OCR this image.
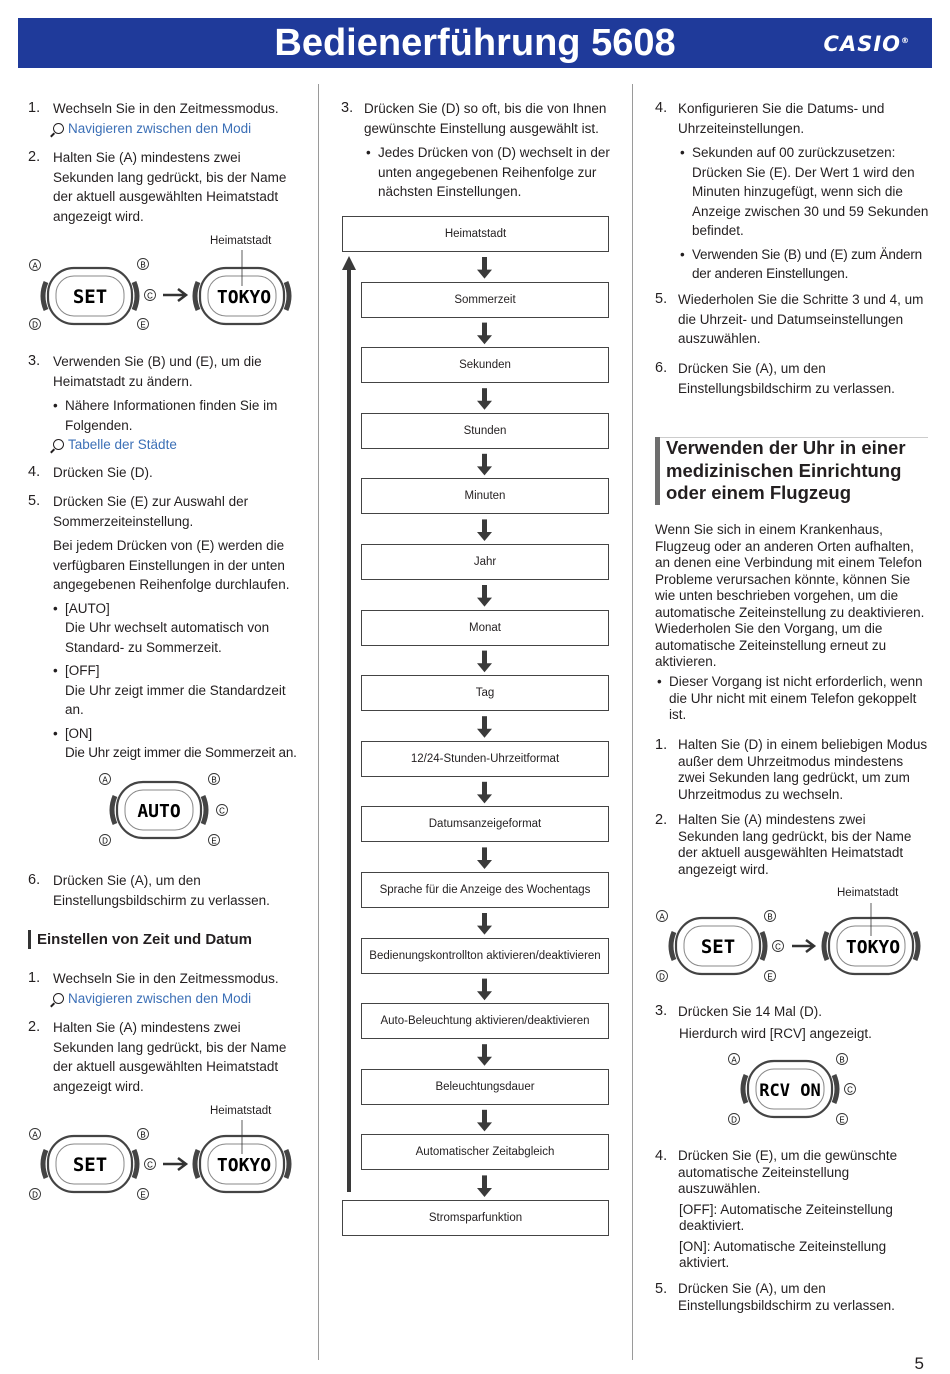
Bedienerführung 5608	CASIO®
1. Wechseln Sie in den Zeitmessmodus.
Navigieren zwischen den Modi
2. Halten Sie (A) mindestens zwei Sekunden lang gedrückt, bis der Name der aktuell ausgewählten Heimatstadt angezeigt wird.
Heimatstadt
SET	TOKYO
3. Verwenden Sie (B) und (E), um die Heimatstadt zu ändern.
• Nähere Informationen finden Sie im Folgenden.
Tabelle der Städte
4. Drücken Sie (D).
5. Drücken Sie (E) zur Auswahl der Sommerzeiteinstellung.
Bei jedem Drücken von (E) werden die verfügbaren Einstellungen in der unten angegebenen Reihenfolge durchlaufen.
• [AUTO]
Die Uhr wechselt automatisch von Standard- zu Sommerzeit.
• [OFF]
Die Uhr zeigt immer die Standardzeit an.
• [ON]
Die Uhr zeigt immer die Sommerzeit an.
AUTO
6. Drücken Sie (A), um den Einstellungsbildschirm zu verlassen.
Einstellen von Zeit und Datum
1. Wechseln Sie in den Zeitmessmodus.
Navigieren zwischen den Modi
2. Halten Sie (A) mindestens zwei Sekunden lang gedrückt, bis der Name der aktuell ausgewählten Heimatstadt angezeigt wird.
Heimatstadt
SET	TOKYO
3. Drücken Sie (D) so oft, bis die von Ihnen gewünschte Einstellung ausgewählt ist.
• Jedes Drücken von (D) wechselt in der unten angegebenen Reihenfolge zur nächsten Einstellungen.
Heimatstadt
Sommerzeit
Sekunden
Stunden
Minuten
Jahr
Monat
Tag
12/24-Stunden-Uhrzeitformat
Datumsanzeigeformat
Sprache für die Anzeige des Wochentags
Bedienungskontrollton aktivieren/deaktivieren
Auto-Beleuchtung aktivieren/deaktivieren
Beleuchtungsdauer
Automatischer Zeitabgleich
Stromsparfunktion
4. Konfigurieren Sie die Datums- und Uhrzeiteinstellungen.
• Sekunden auf 00 zurückzusetzen: Drücken Sie (E). Der Wert 1 wird den Minuten hinzugefügt, wenn sich die Anzeige zwischen 30 und 59 Sekunden befindet.
• Verwenden Sie (B) und (E) zum Ändern der anderen Einstellungen.
5. Wiederholen Sie die Schritte 3 und 4, um die Uhrzeit- und Datumseinstellungen auszuwählen.
6. Drücken Sie (A), um den Einstellungsbildschirm zu verlassen.
Verwenden der Uhr in einer medizinischen Einrichtung oder einem Flugzeug
Wenn Sie sich in einem Krankenhaus, Flugzeug oder an anderen Orten aufhalten, an denen eine Verbindung mit einem Telefon Probleme verursachen könnte, können Sie wie unten beschrieben vorgehen, um die automatische Zeiteinstellung zu deaktivieren. Wiederholen Sie den Vorgang, um die automatische Zeiteinstellung erneut zu aktivieren.
• Dieser Vorgang ist nicht erforderlich, wenn die Uhr nicht mit einem Telefon gekoppelt ist.
1. Halten Sie (D) in einem beliebigen Modus außer dem Uhrzeitmodus mindestens zwei Sekunden lang gedrückt, um zum Uhrzeitmodus zu wechseln.
2. Halten Sie (A) mindestens zwei Sekunden lang gedrückt, bis der Name der aktuell ausgewählten Heimatstadt angezeigt wird.
Heimatstadt
SET	TOKYO
3. Drücken Sie 14 Mal (D).
Hierdurch wird [RCV] angezeigt.
RCV ON
4. Drücken Sie (E), um die gewünschte automatische Zeiteinstellung auszuwählen.
[OFF]: Automatische Zeiteinstellung deaktiviert.
[ON]: Automatische Zeiteinstellung aktiviert.
5. Drücken Sie (A), um den Einstellungsbildschirm zu verlassen.
5
